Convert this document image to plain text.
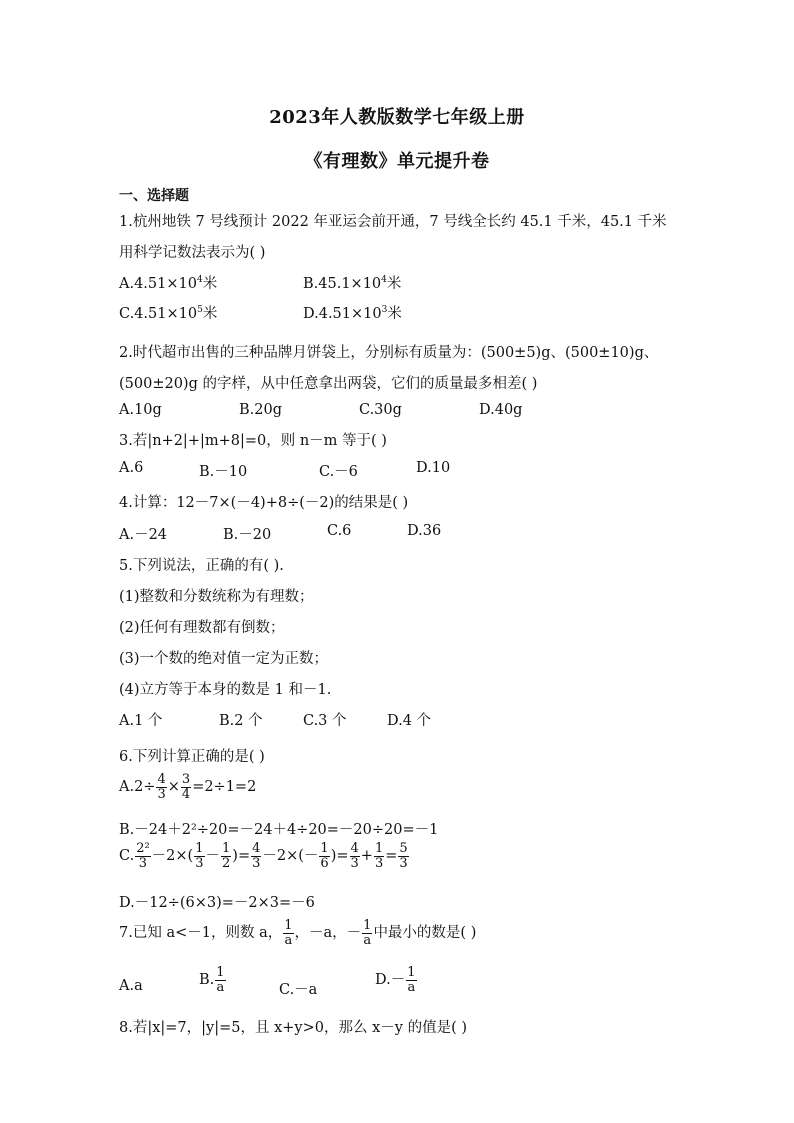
2023年人教版数学七年级上册
《有理数》单元提升卷
一、选择题
1.杭州地铁 7 号线预计 2022 年亚运会前开通，7 号线全长约 45.1 千米，45.1 千米
用科学记数法表示为( )
$A.4.51\times 10^4$米	$B.45.1\times 10^4$米
$C.4.51\times 10^5$米	$D.4.51\times 10^3$米
2.时代超市出售的三种品牌月饼袋上，分别标有质量为：(500±5)g、(500±10)g、
(500±20)g 的字样，从中任意拿出两袋，它们的质量最多相差( )
A.10g	B.20g	C.30g	D.40g
3.若|n+2|+|m+8|=0，则 n－m 等于( )
A.6	B.－10	C.－6	D.10
4.计算：12－7×(－4)+8÷(－2)的结果是( )
A.－24	B.－20	C.6	D.36
5.下列说法，正确的有( ).
(1)整数和分数统称为有理数；
(2)任何有理数都有倒数；
(3)一个数的绝对值一定为正数；
(4)立方等于本身的数是 1 和－1.
A.1 个	B.2 个	C.3 个	D.4 个
6.下列计算正确的是( )
$A.2\div \frac{4}{3} \times \frac{3}{4} =2\div 1=2$
B.－24＋2²÷20=－24＋4÷20=－20÷20=－1
C. $\frac{\text{2²}}{3} -2\times( \frac{1}{3} - \frac{1}{2}$ )= $\frac{4}{3} -2\times(- \frac{1}{6}$ )= $\frac{4}{3} + \frac{1}{3} = \frac{5}{3}$
D.－12÷(6×3)=－2×3=－6
7.已知 a<－1，则数 a， $\frac{1}{a}$ ，－a，－ $\frac{1}{a}$ 中最小的数是( )
A.a	B. $\frac{1}{a}$	C.－a
$D.- \frac{1}{a}$
8.若|x|=7，|y|=5，且 x+y>0，那么 x－y 的值是( )
